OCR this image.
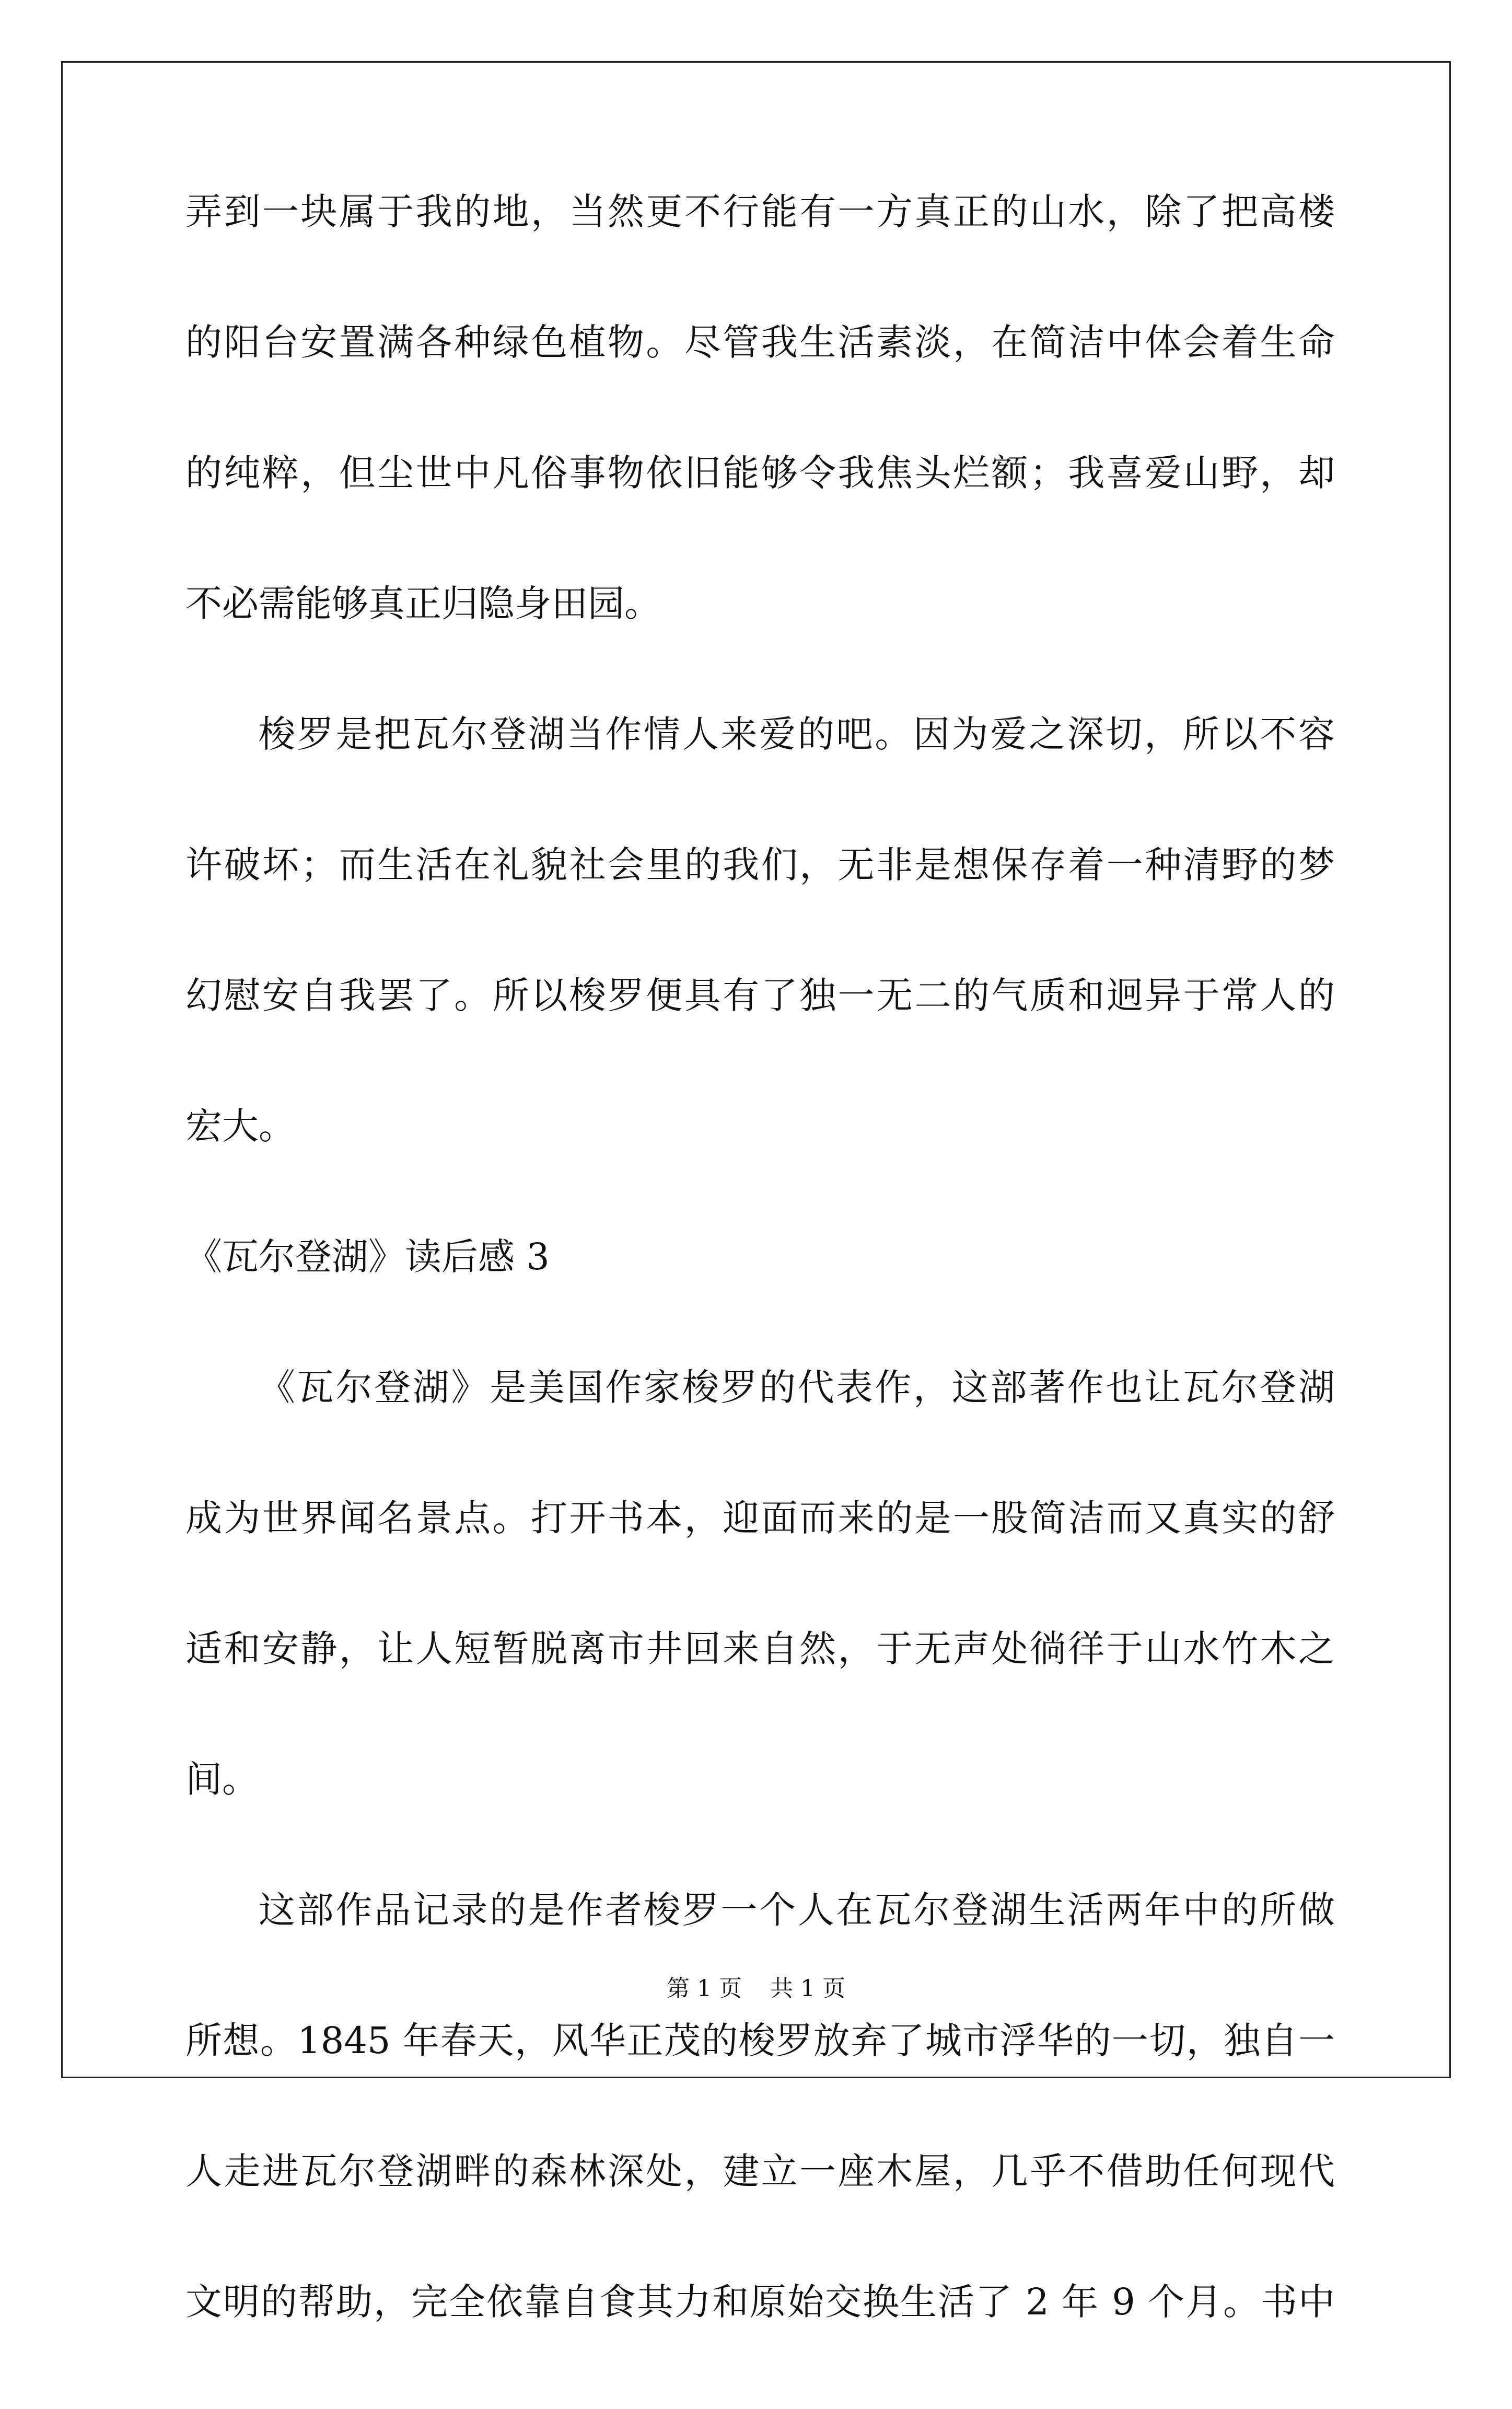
弄到一块属于我的地，当然更不行能有一方真正的山水，除了把高楼
的阳台安置满各种绿色植物。尽管我生活素淡，在简洁中体会着生命
的纯粹，但尘世中凡俗事物依旧能够令我焦头烂额；我喜爱山野，却
不必需能够真正归隐身田园。
梭罗是把瓦尔登湖当作情人来爱的吧。因为爱之深切，所以不容
许破坏；而生活在礼貌社会里的我们，无非是想保存着一种清野的梦
幻慰安自我罢了。所以梭罗便具有了独一无二的气质和迥异于常人的
宏大。
《瓦尔登湖》读后感 3
《瓦尔登湖》是美国作家梭罗的代表作，这部著作也让瓦尔登湖
成为世界闻名景点。打开书本，迎面而来的是一股简洁而又真实的舒
适和安静，让人短暂脱离市井回来自然，于无声处徜徉于山水竹木之
间。
这部作品记录的是作者梭罗一个人在瓦尔登湖生活两年中的所做
所想。1845 年春天，风华正茂的梭罗放弃了城市浮华的一切，独自一
人走进瓦尔登湖畔的森林深处，建立一座木屋，几乎不借助任何现代
文明的帮助，完全依靠自食其力和原始交换生活了 2 年 9 个月。书中
第 1 页 共 1 页
